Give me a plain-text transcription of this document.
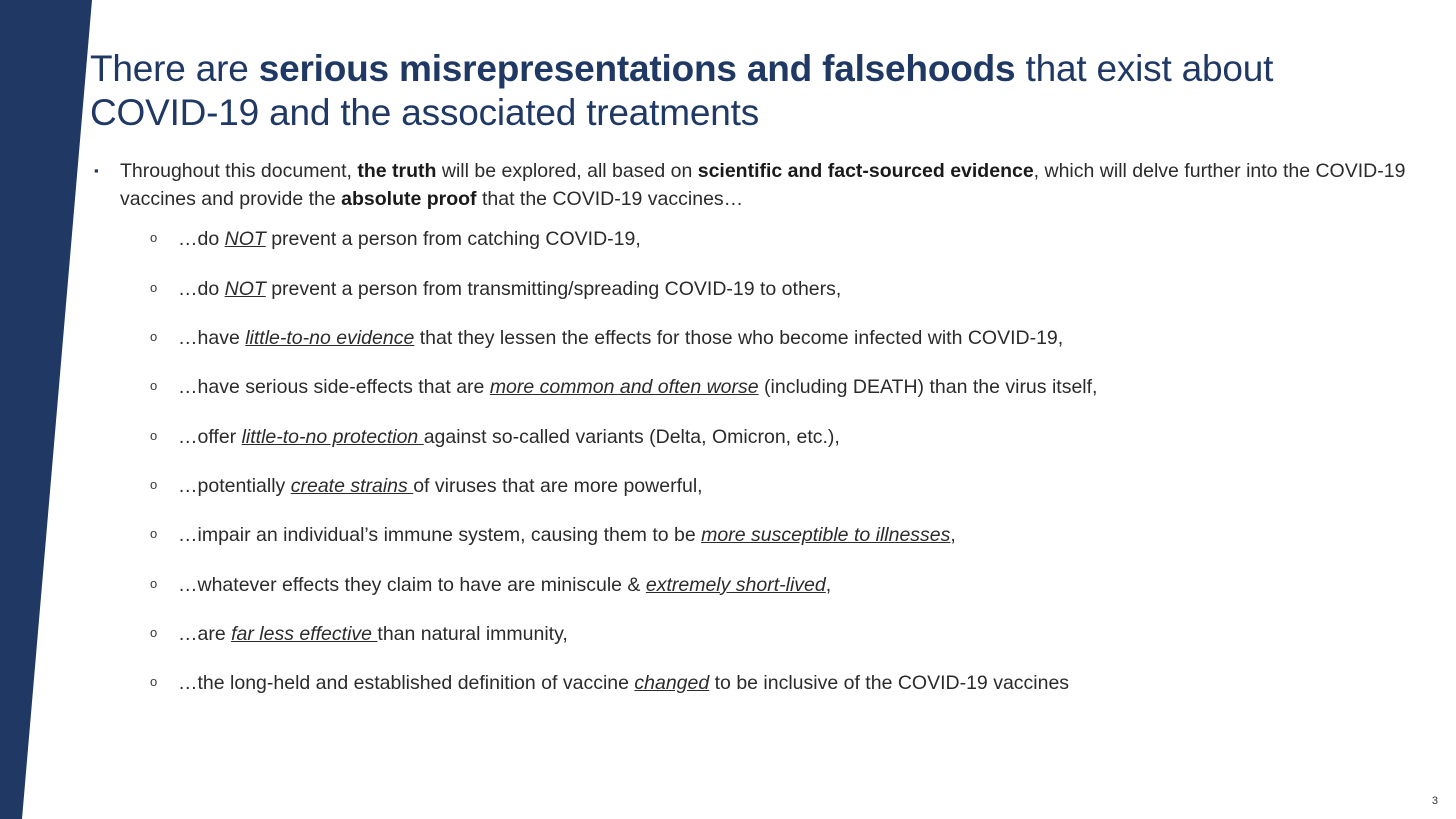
There are serious misrepresentations and falsehoods that exist about COVID-19 and the associated treatments
▪ Throughout this document, the truth will be explored, all based on scientific and fact-sourced evidence, which will delve further into the COVID-19 vaccines and provide the absolute proof that the COVID-19 vaccines…
o …do NOT prevent a person from catching COVID-19,
o …do NOT prevent a person from transmitting/spreading COVID-19 to others,
o …have little-to-no evidence that they lessen the effects for those who become infected with COVID-19,
o …have serious side-effects that are more common and often worse (including DEATH) than the virus itself,
o …offer little-to-no protection against so-called variants (Delta, Omicron, etc.),
o …potentially create strains of viruses that are more powerful,
o …impair an individual’s immune system, causing them to be more susceptible to illnesses,
o …whatever effects they claim to have are miniscule & extremely short-lived,
o …are far less effective than natural immunity,
o …the long-held and established definition of vaccine changed to be inclusive of the COVID-19 vaccines
3
